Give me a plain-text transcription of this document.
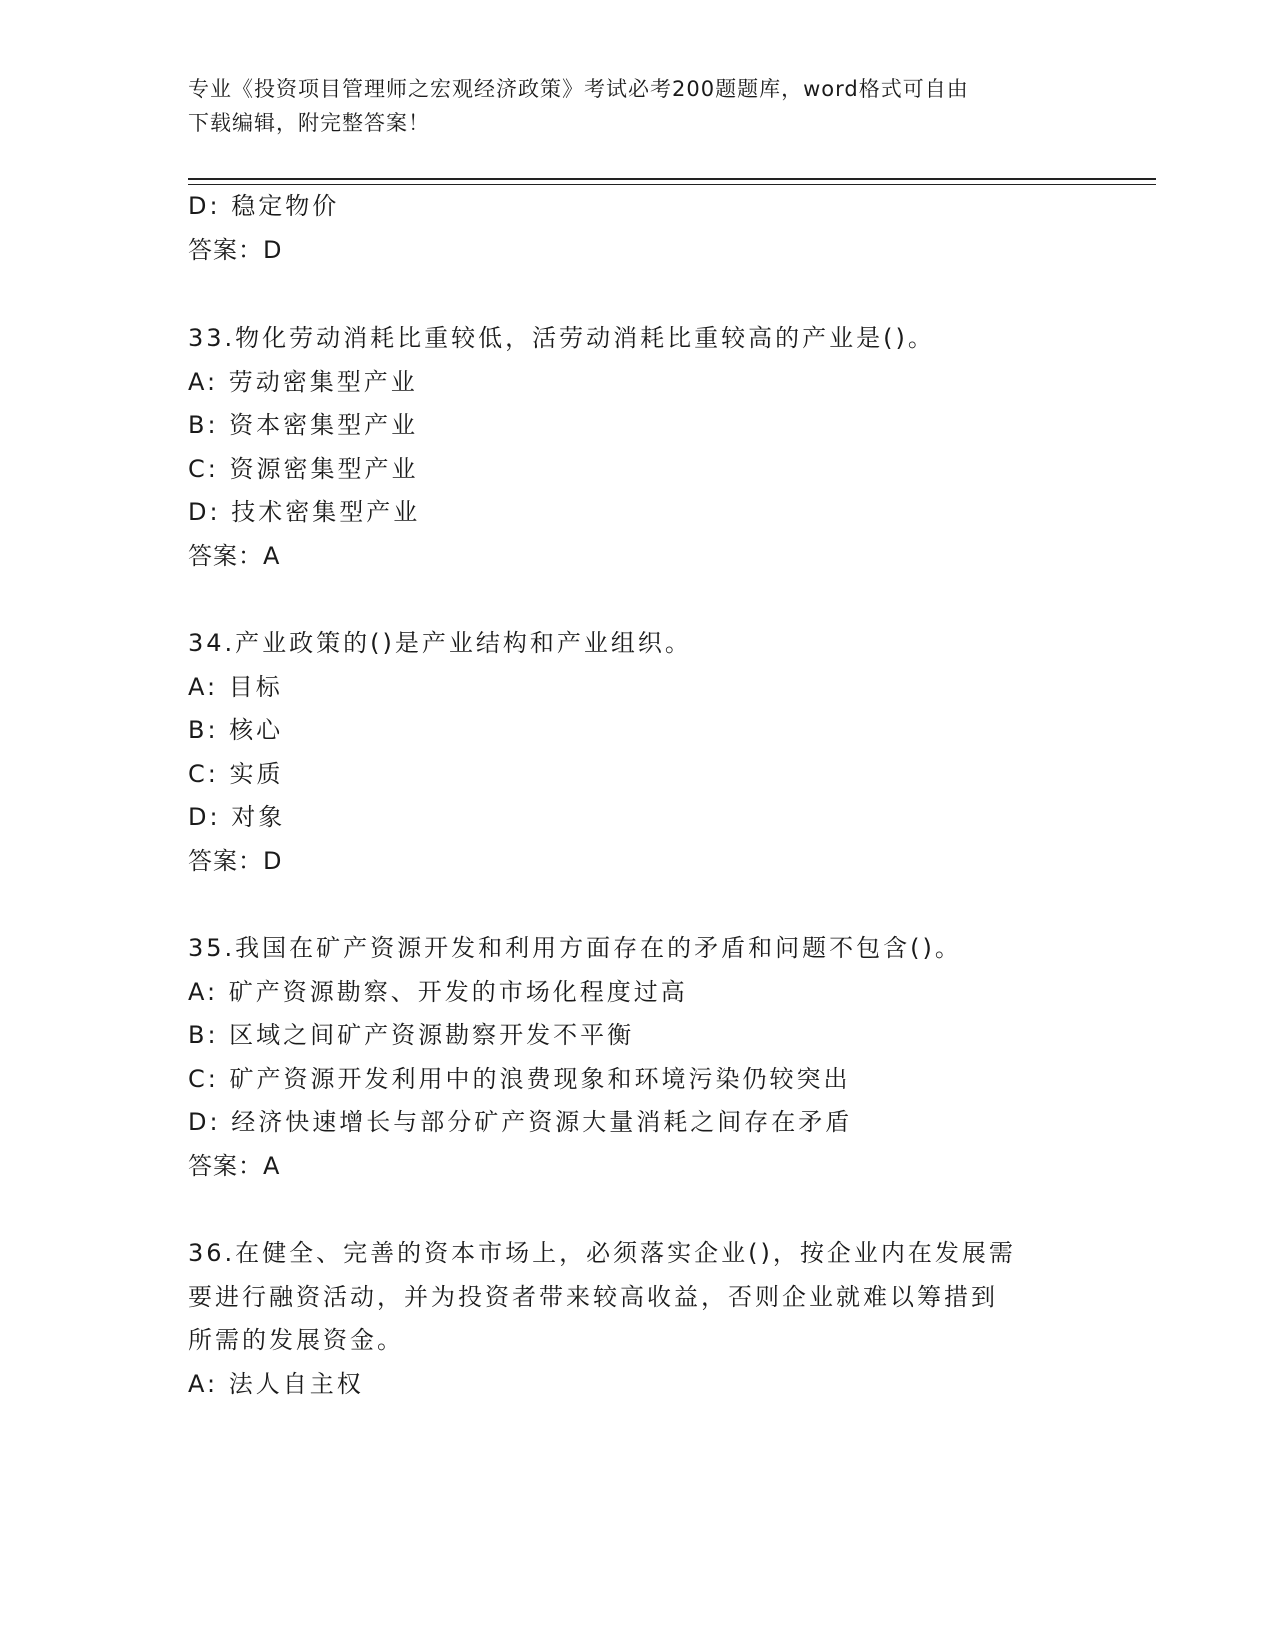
专业《投资项目管理师之宏观经济政策》考试必考200题题库，word格式可自由
下载编辑，附完整答案！
D: 稳定物价
答案：D
33.物化劳动消耗比重较低，活劳动消耗比重较高的产业是()。
A: 劳动密集型产业
B: 资本密集型产业
C: 资源密集型产业
D: 技术密集型产业
答案：A
34.产业政策的()是产业结构和产业组织。
A: 目标
B: 核心
C: 实质
D: 对象
答案：D
35.我国在矿产资源开发和利用方面存在的矛盾和问题不包含()。
A: 矿产资源勘察、开发的市场化程度过高
B: 区域之间矿产资源勘察开发不平衡
C: 矿产资源开发利用中的浪费现象和环境污染仍较突出
D: 经济快速增长与部分矿产资源大量消耗之间存在矛盾
答案：A
36.在健全、完善的资本市场上，必须落实企业()，按企业内在发展需
要进行融资活动，并为投资者带来较高收益，否则企业就难以筹措到
所需的发展资金。
A: 法人自主权
